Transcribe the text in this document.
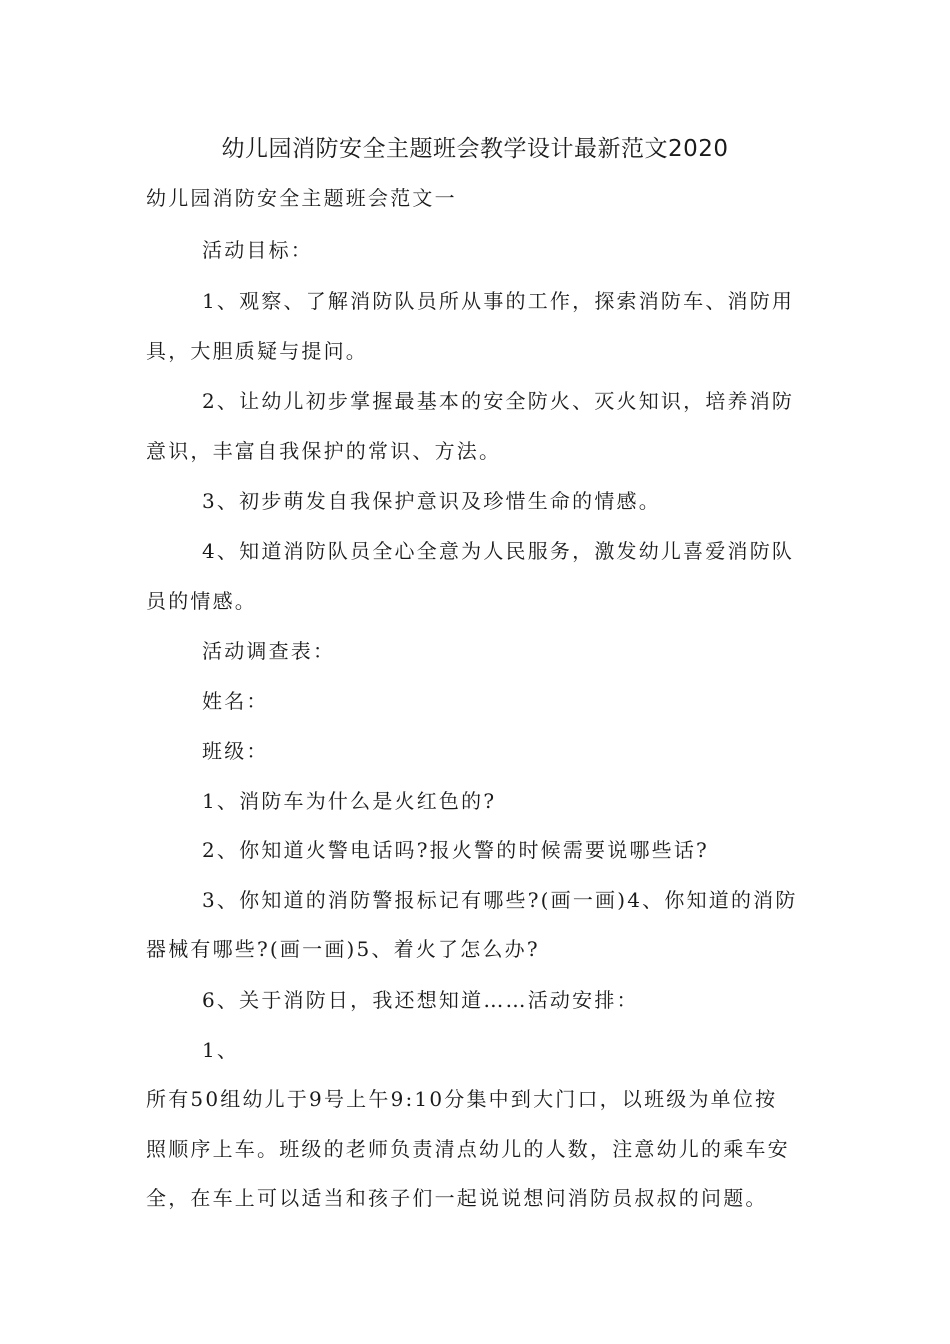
幼儿园消防安全主题班会教学设计最新范文2020
幼儿园消防安全主题班会范文一
活动目标：
1、观察、了解消防队员所从事的工作，探索消防车、消防用
具，大胆质疑与提问。
2、让幼儿初步掌握最基本的安全防火、灭火知识，培养消防
意识，丰富自我保护的常识、方法。
3、初步萌发自我保护意识及珍惜生命的情感。
4、知道消防队员全心全意为人民服务，激发幼儿喜爱消防队
员的情感。
活动调查表：
姓名：
班级：
1、消防车为什么是火红色的?
2、你知道火警电话吗?报火警的时候需要说哪些话?
3、你知道的消防警报标记有哪些?(画一画)4、你知道的消防
器械有哪些?(画一画)5、着火了怎么办?
6、关于消防日，我还想知道……活动安排：
1、
所有50组幼儿于9号上午9:10分集中到大门口，以班级为单位按
照顺序上车。班级的老师负责清点幼儿的人数，注意幼儿的乘车安
全，在车上可以适当和孩子们一起说说想问消防员叔叔的问题。
